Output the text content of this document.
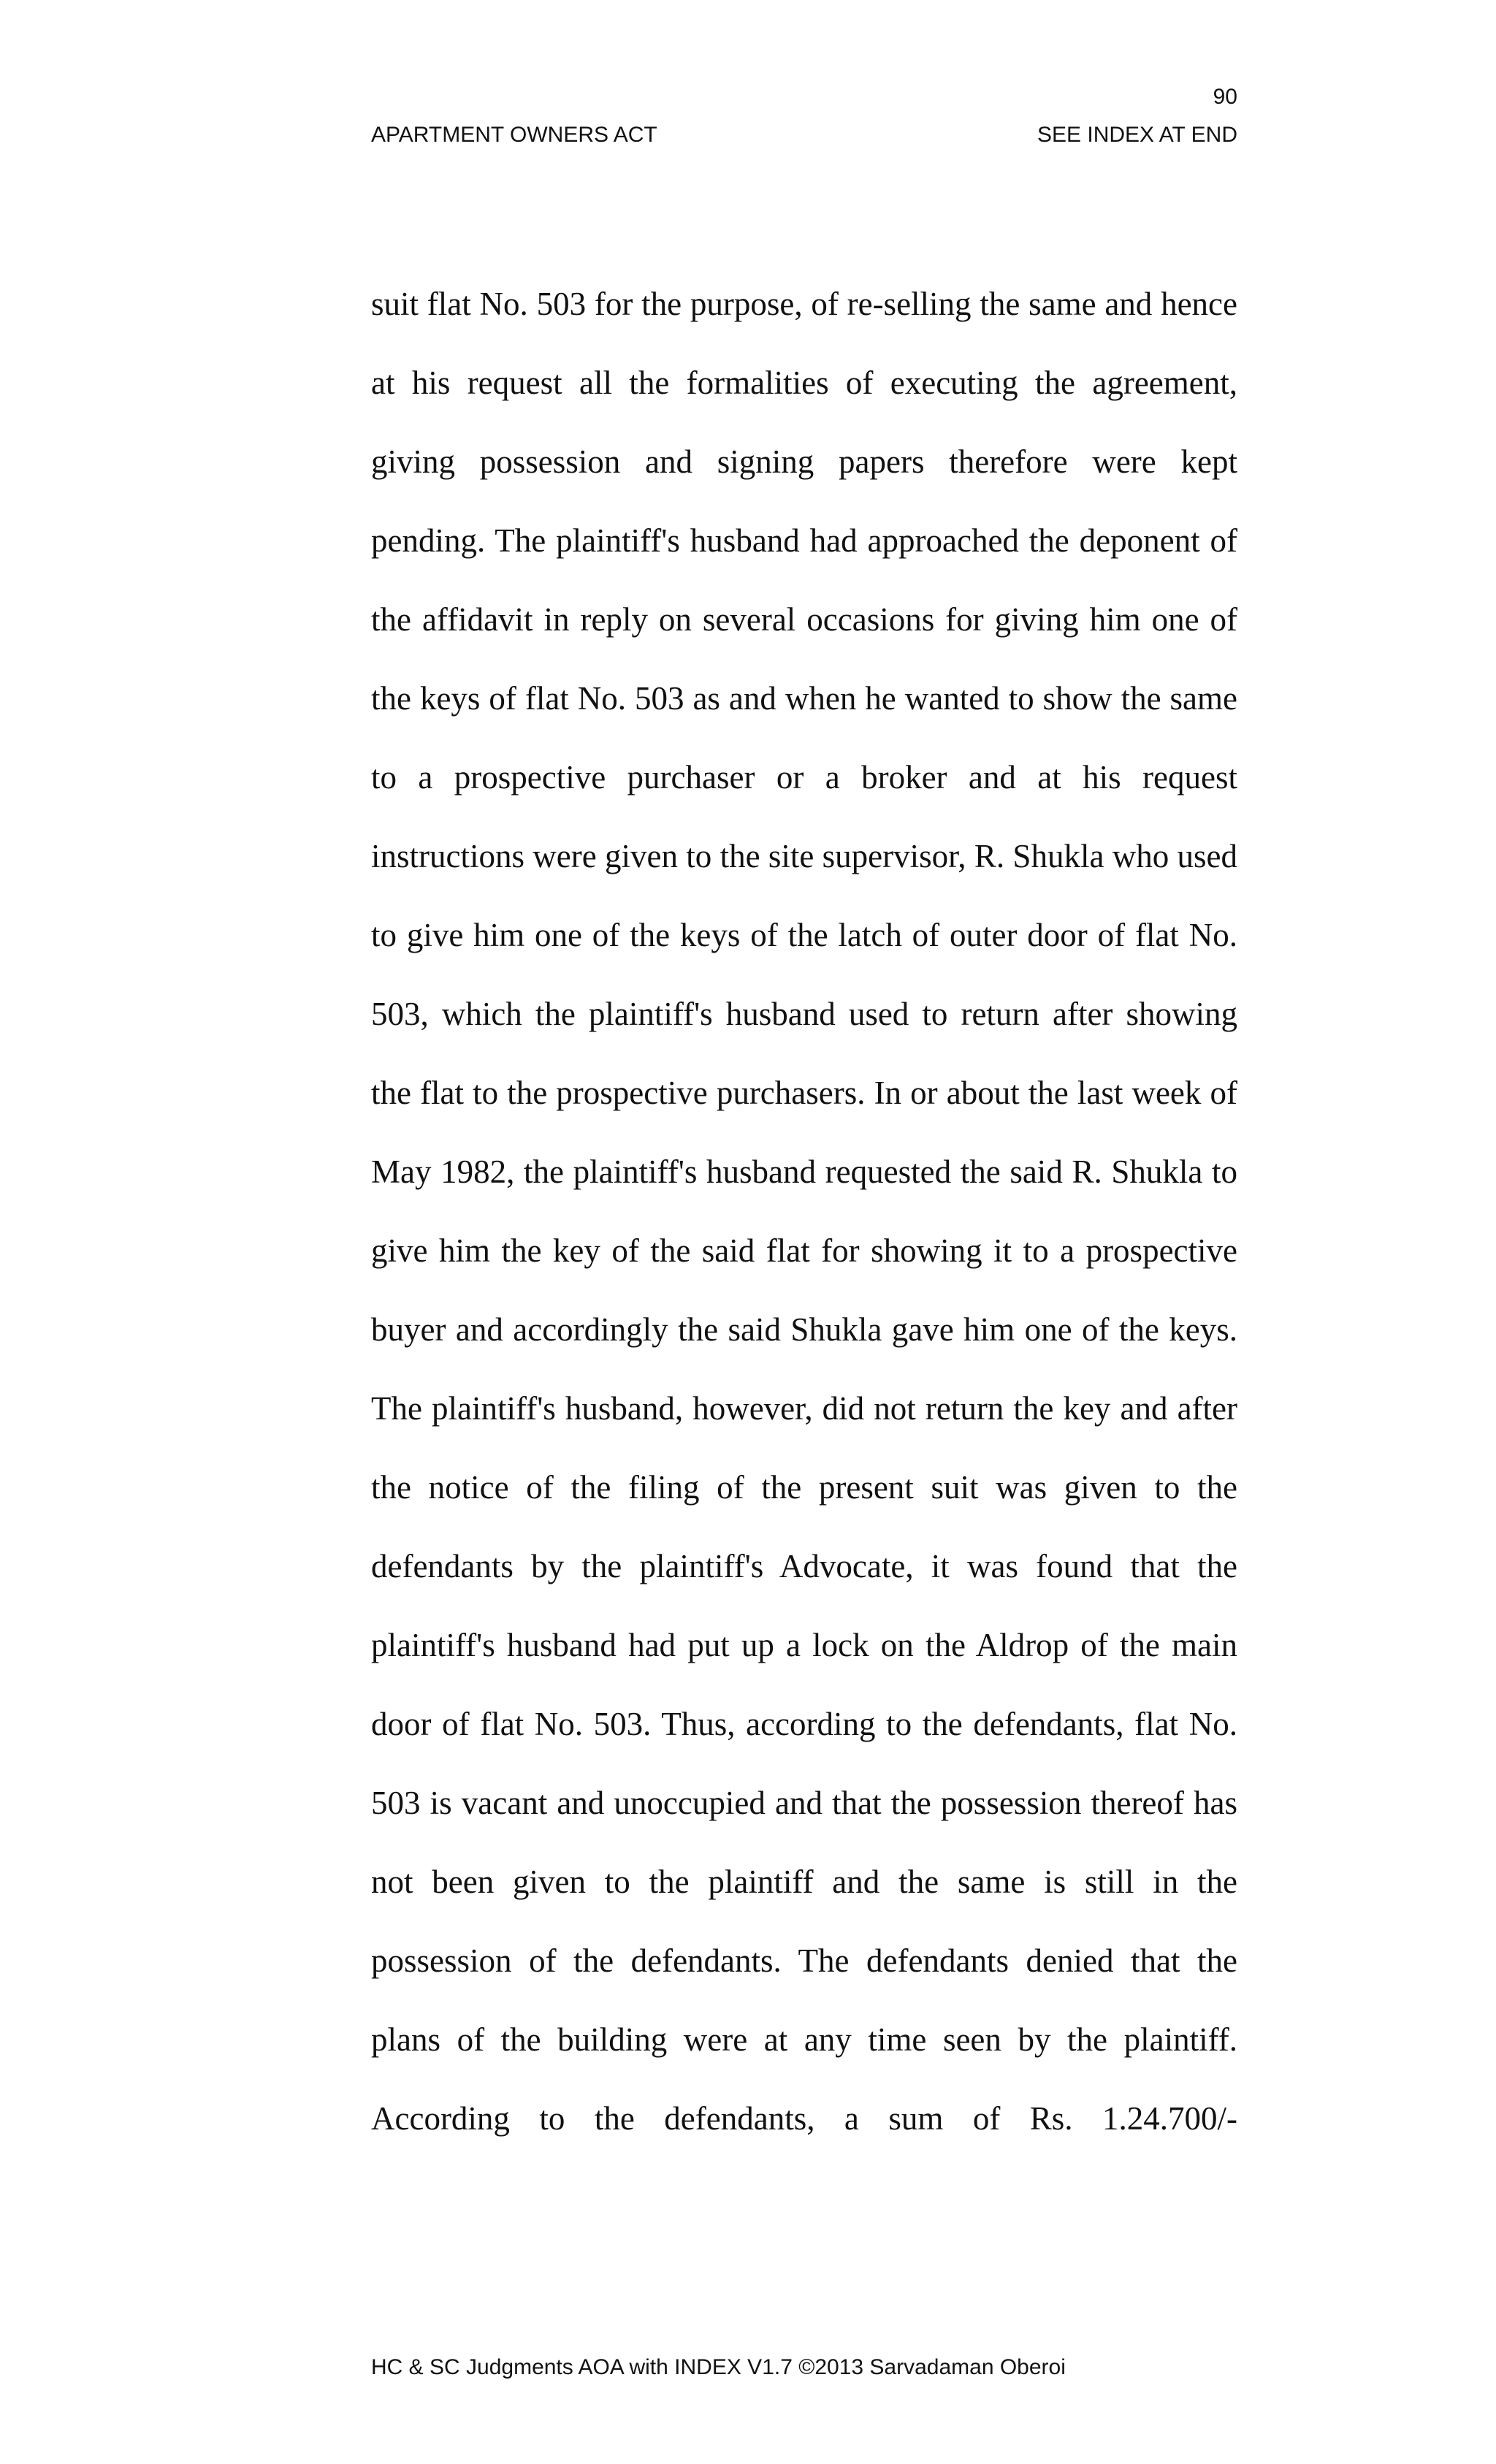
90
APARTMENT OWNERS ACT	SEE INDEX AT END

suit flat No. 503 for the purpose, of re-selling the same and hence at his request all the formalities of executing the agreement, giving possession and signing papers therefore were kept pending. The plaintiff's husband had approached the deponent of the affidavit in reply on several occasions for giving him one of the keys of flat No. 503 as and when he wanted to show the same to a prospective purchaser or a broker and at his request instructions were given to the site supervisor, R. Shukla who used to give him one of the keys of the latch of outer door of flat No. 503, which the plaintiff's husband used to return after showing the flat to the prospective purchasers. In or about the last week of May 1982, the plaintiff's husband requested the said R. Shukla to give him the key of the said flat for showing it to a prospective buyer and accordingly the said Shukla gave him one of the keys. The plaintiff's husband, however, did not return the key and after the notice of the filing of the present suit was given to the defendants by the plaintiff's Advocate, it was found that the plaintiff's husband had put up a lock on the Aldrop of the main door of flat No. 503. Thus, according to the defendants, flat No. 503 is vacant and unoccupied and that the possession thereof has not been given to the plaintiff and the same is still in the possession of the defendants. The defendants denied that the plans of the building were at any time seen by the plaintiff. According to the defendants, a sum of Rs. 1.24.700/-

HC & SC Judgments AOA with INDEX V1.7 ©2013 Sarvadaman Oberoi
